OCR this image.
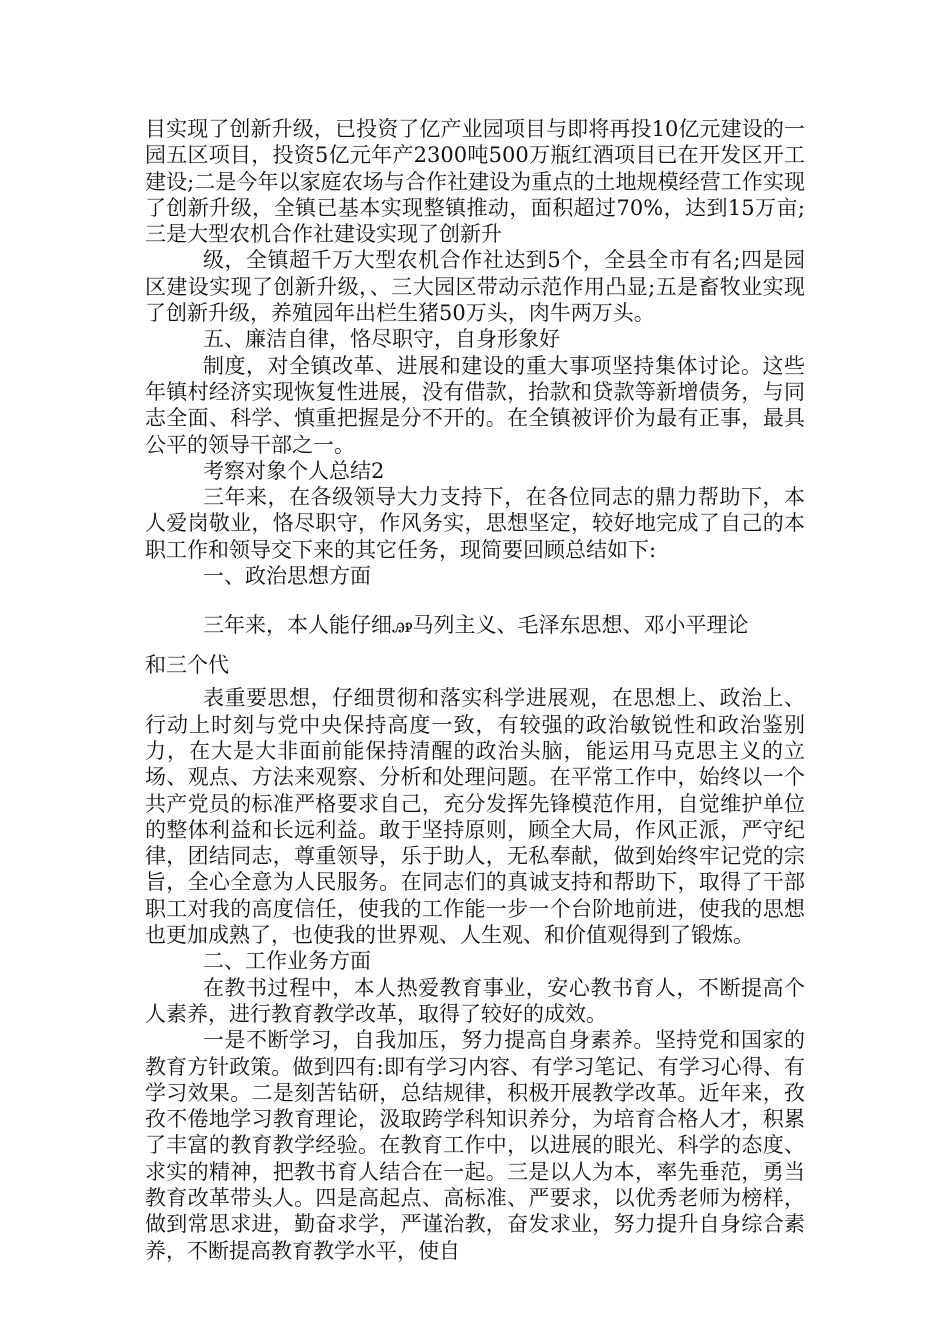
目实现了创新升级，已投资了亿产业园项目与即将再投10亿元建设的一园五区项目，投资5亿元年产2300吨500万瓶红酒项目已在开发区开工建设;二是今年以家庭农场与合作社建设为重点的土地规模经营工作实现了创新升级，全镇已基本实现整镇推动，面积超过70%，达到15万亩;三是大型农机合作社建设实现了创新升

级，全镇超千万大型农机合作社达到5个，全县全市有名;四是园区建设实现了创新升级，、三大园区带动示范作用凸显;五是畜牧业实现了创新升级，养殖园年出栏生猪50万头，肉牛两万头。

五、廉洁自律，恪尽职守，自身形象好

制度，对全镇改革、进展和建设的重大事项坚持集体讨论。这些年镇村经济实现恢复性进展，没有借款，抬款和贷款等新增债务，与同志全面、科学、慎重把握是分不开的。在全镇被评价为最有正事，最具公平的领导干部之一。

考察对象个人总结2

三年来，在各级领导大力支持下，在各位同志的鼎力帮助下，本人爱岗敬业，恪尽职守，作风务实，思想坚定，较好地完成了自己的本职工作和领导交下来的其它任务，现简要回顾总结如下:

一、政治思想方面

三年来，本人能仔细ꭿꭾ马列主义、毛泽东思想、邓小平理论

和三个代

表重要思想，仔细贯彻和落实科学进展观，在思想上、政治上、行动上时刻与党中央保持高度一致，有较强的政治敏锐性和政治鉴别力，在大是大非面前能保持清醒的政治头脑，能运用马克思主义的立场、观点、方法来观察、分析和处理问题。在平常工作中，始终以一个共产党员的标准严格要求自己，充分发挥先锋模范作用，自觉维护单位的整体利益和长远利益。敢于坚持原则，顾全大局，作风正派，严守纪律，团结同志，尊重领导，乐于助人，无私奉献，做到始终牢记党的宗旨，全心全意为人民服务。在同志们的真诚支持和帮助下，取得了干部职工对我的高度信任，使我的工作能一步一个台阶地前进，使我的思想也更加成熟了，也使我的世界观、人生观、和价值观得到了锻炼。

二、工作业务方面

在教书过程中，本人热爱教育事业，安心教书育人，不断提高个人素养，进行教育教学改革，取得了较好的成效。

一是不断学习，自我加压，努力提高自身素养。坚持党和国家的教育方针政策。做到四有:即有学习内容、有学习笔记、有学习心得、有学习效果。二是刻苦钻研，总结规律，积极开展教学改革。近年来，孜孜不倦地学习教育理论，汲取跨学科知识养分，为培育合格人才，积累了丰富的教育教学经验。在教育工作中，以进展的眼光、科学的态度、求实的精神，把教书育人结合在一起。三是以人为本，率先垂范，勇当教育改革带头人。四是高起点、高标准、严要求，以优秀老师为榜样，做到常思求进，勤奋求学，严谨治教，奋发求业，努力提升自身综合素养，不断提高教育教学水平，使自
